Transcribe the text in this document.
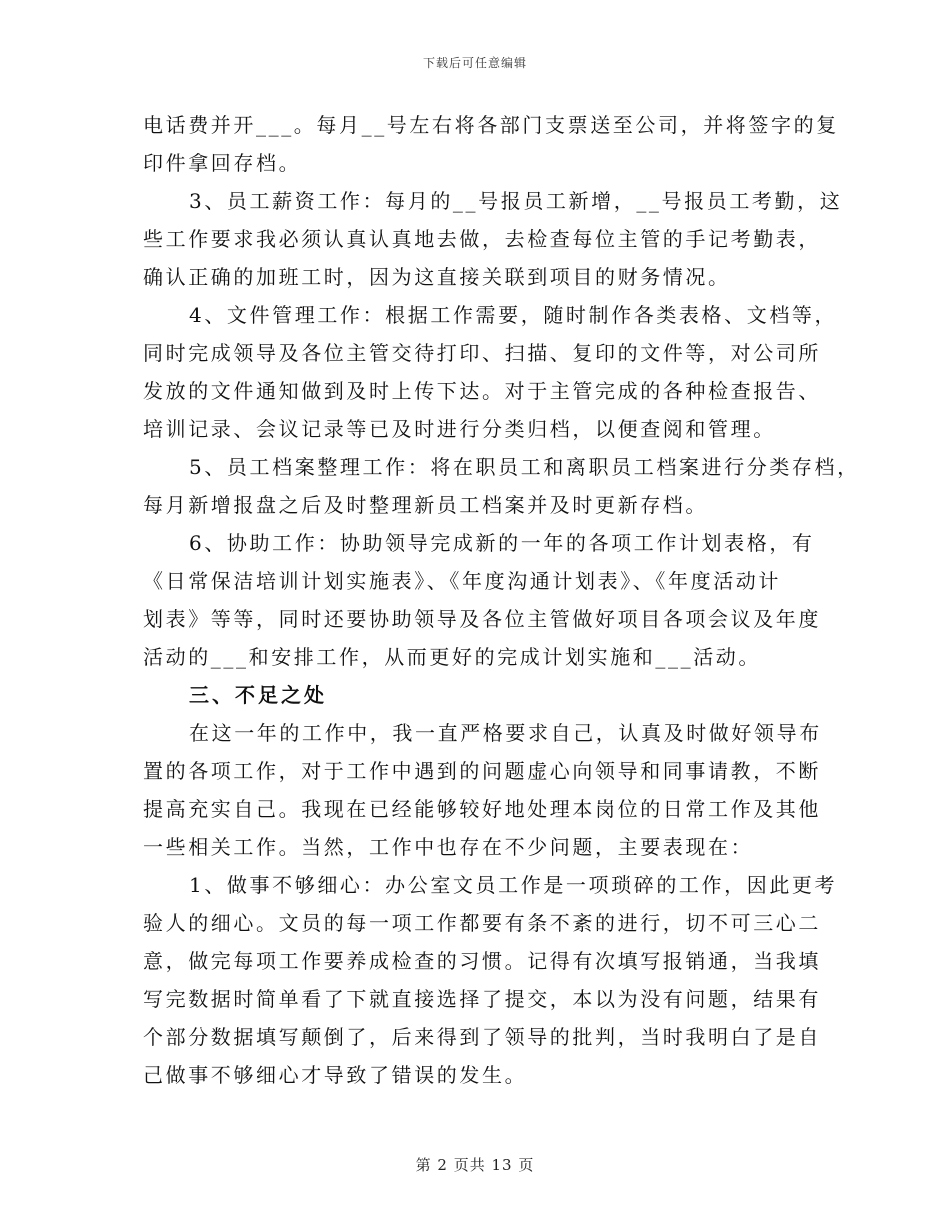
下载后可任意编辑
电话费并开___。每月__号左右将各部门支票送至公司，并将签字的复
印件拿回存档。
3、员工薪资工作：每月的__号报员工新增，__号报员工考勤，这
些工作要求我必须认真认真地去做，去检查每位主管的手记考勤表，
确认正确的加班工时，因为这直接关联到项目的财务情况。
4、文件管理工作：根据工作需要，随时制作各类表格、文档等，
同时完成领导及各位主管交待打印、扫描、复印的文件等，对公司所
发放的文件通知做到及时上传下达。对于主管完成的各种检查报告、
培训记录、会议记录等已及时进行分类归档，以便查阅和管理。
5、员工档案整理工作：将在职员工和离职员工档案进行分类存档，
每月新增报盘之后及时整理新员工档案并及时更新存档。
6、协助工作：协助领导完成新的一年的各项工作计划表格，有
《日常保洁培训计划实施表》、《年度沟通计划表》、《年度活动计
划表》等等，同时还要协助领导及各位主管做好项目各项会议及年度
活动的___和安排工作，从而更好的完成计划实施和___活动。
三、不足之处
在这一年的工作中，我一直严格要求自己，认真及时做好领导布
置的各项工作，对于工作中遇到的问题虚心向领导和同事请教，不断
提高充实自己。我现在已经能够较好地处理本岗位的日常工作及其他
一些相关工作。当然，工作中也存在不少问题，主要表现在：
1、做事不够细心：办公室文员工作是一项琐碎的工作，因此更考
验人的细心。文员的每一项工作都要有条不紊的进行，切不可三心二
意，做完每项工作要养成检查的习惯。记得有次填写报销通，当我填
写完数据时简单看了下就直接选择了提交，本以为没有问题，结果有
个部分数据填写颠倒了，后来得到了领导的批判，当时我明白了是自
己做事不够细心才导致了错误的发生。
第 2 页共 13 页
